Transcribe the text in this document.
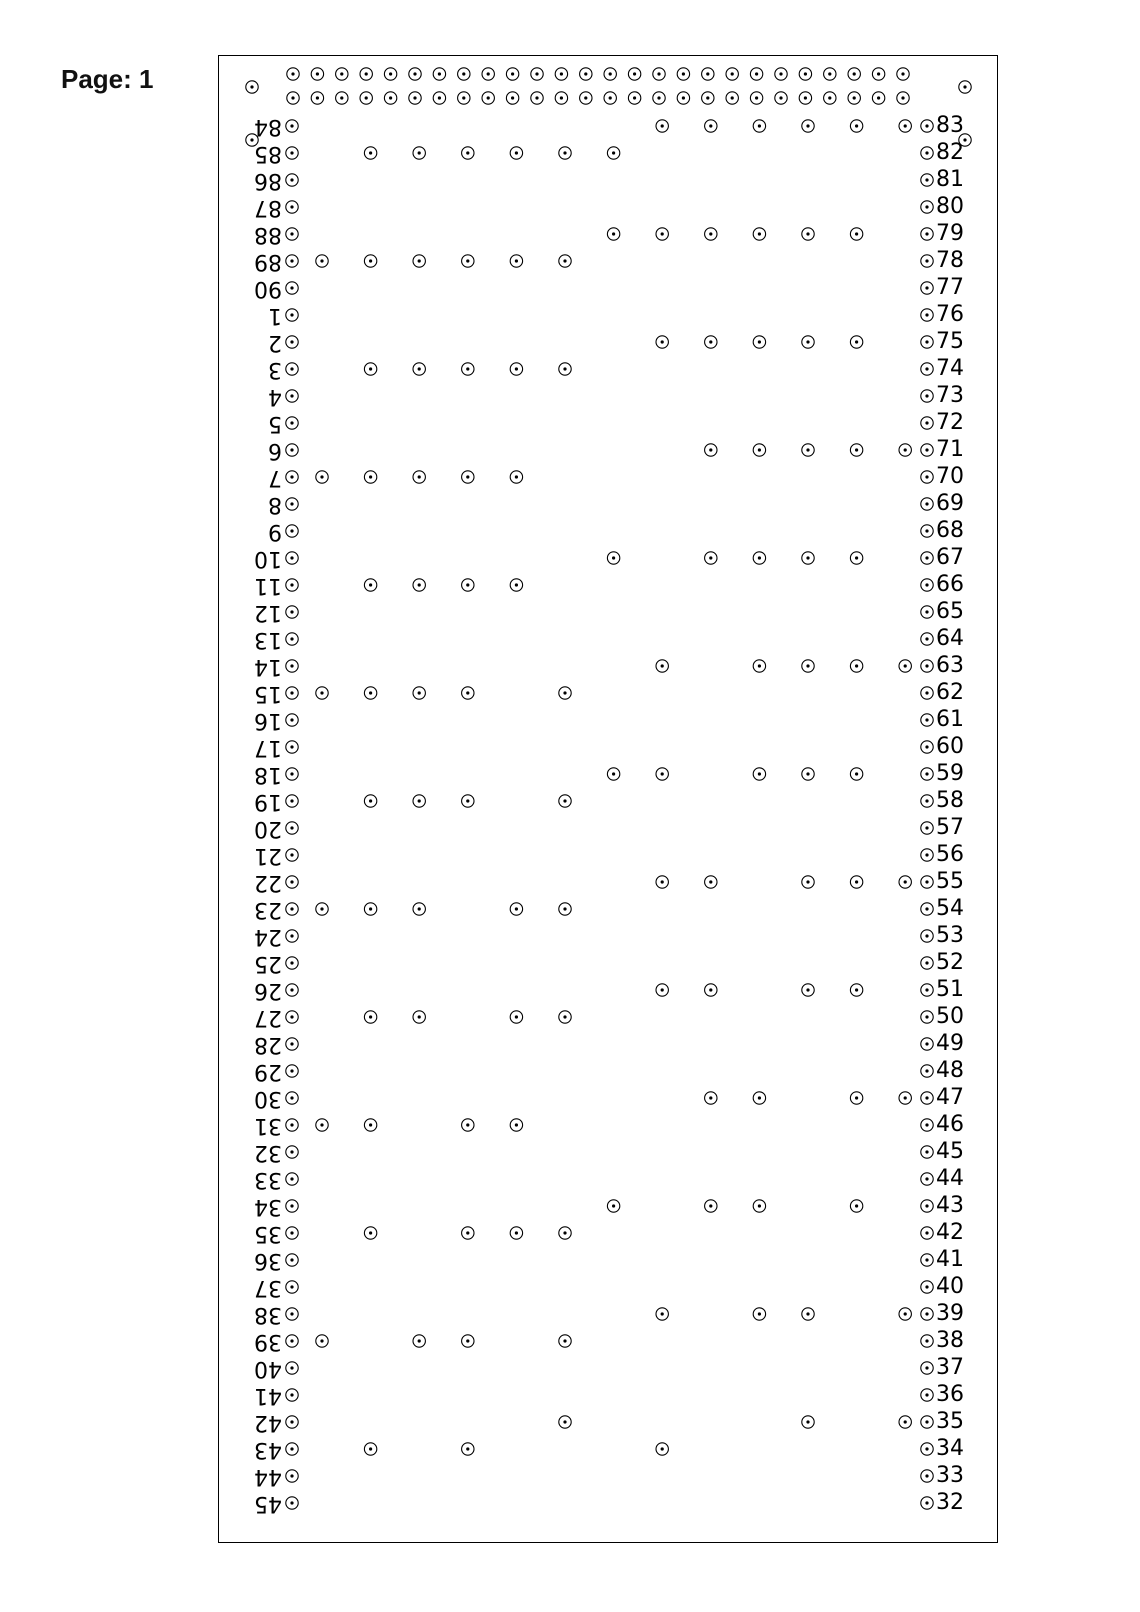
Page: 1
84	83
85	82
86	81
87	80
88	79
89	78
90	77
1	76
2	75
3	74
4	73
5	72
6	71
7	70
8	69
9	68
10	67
11	66
12	65
13	64
14	63
15	62
16	61
17	60
18	59
19	58
20	57
21	56
22	55
23	54
24	53
25	52
26	51
27	50
28	49
29	48
30	47
31	46
32	45
33	44
34	43
35	42
36	41
37	40
38	39
39	38
40	37
41	36
42	35
43	34
44	33
45	32
